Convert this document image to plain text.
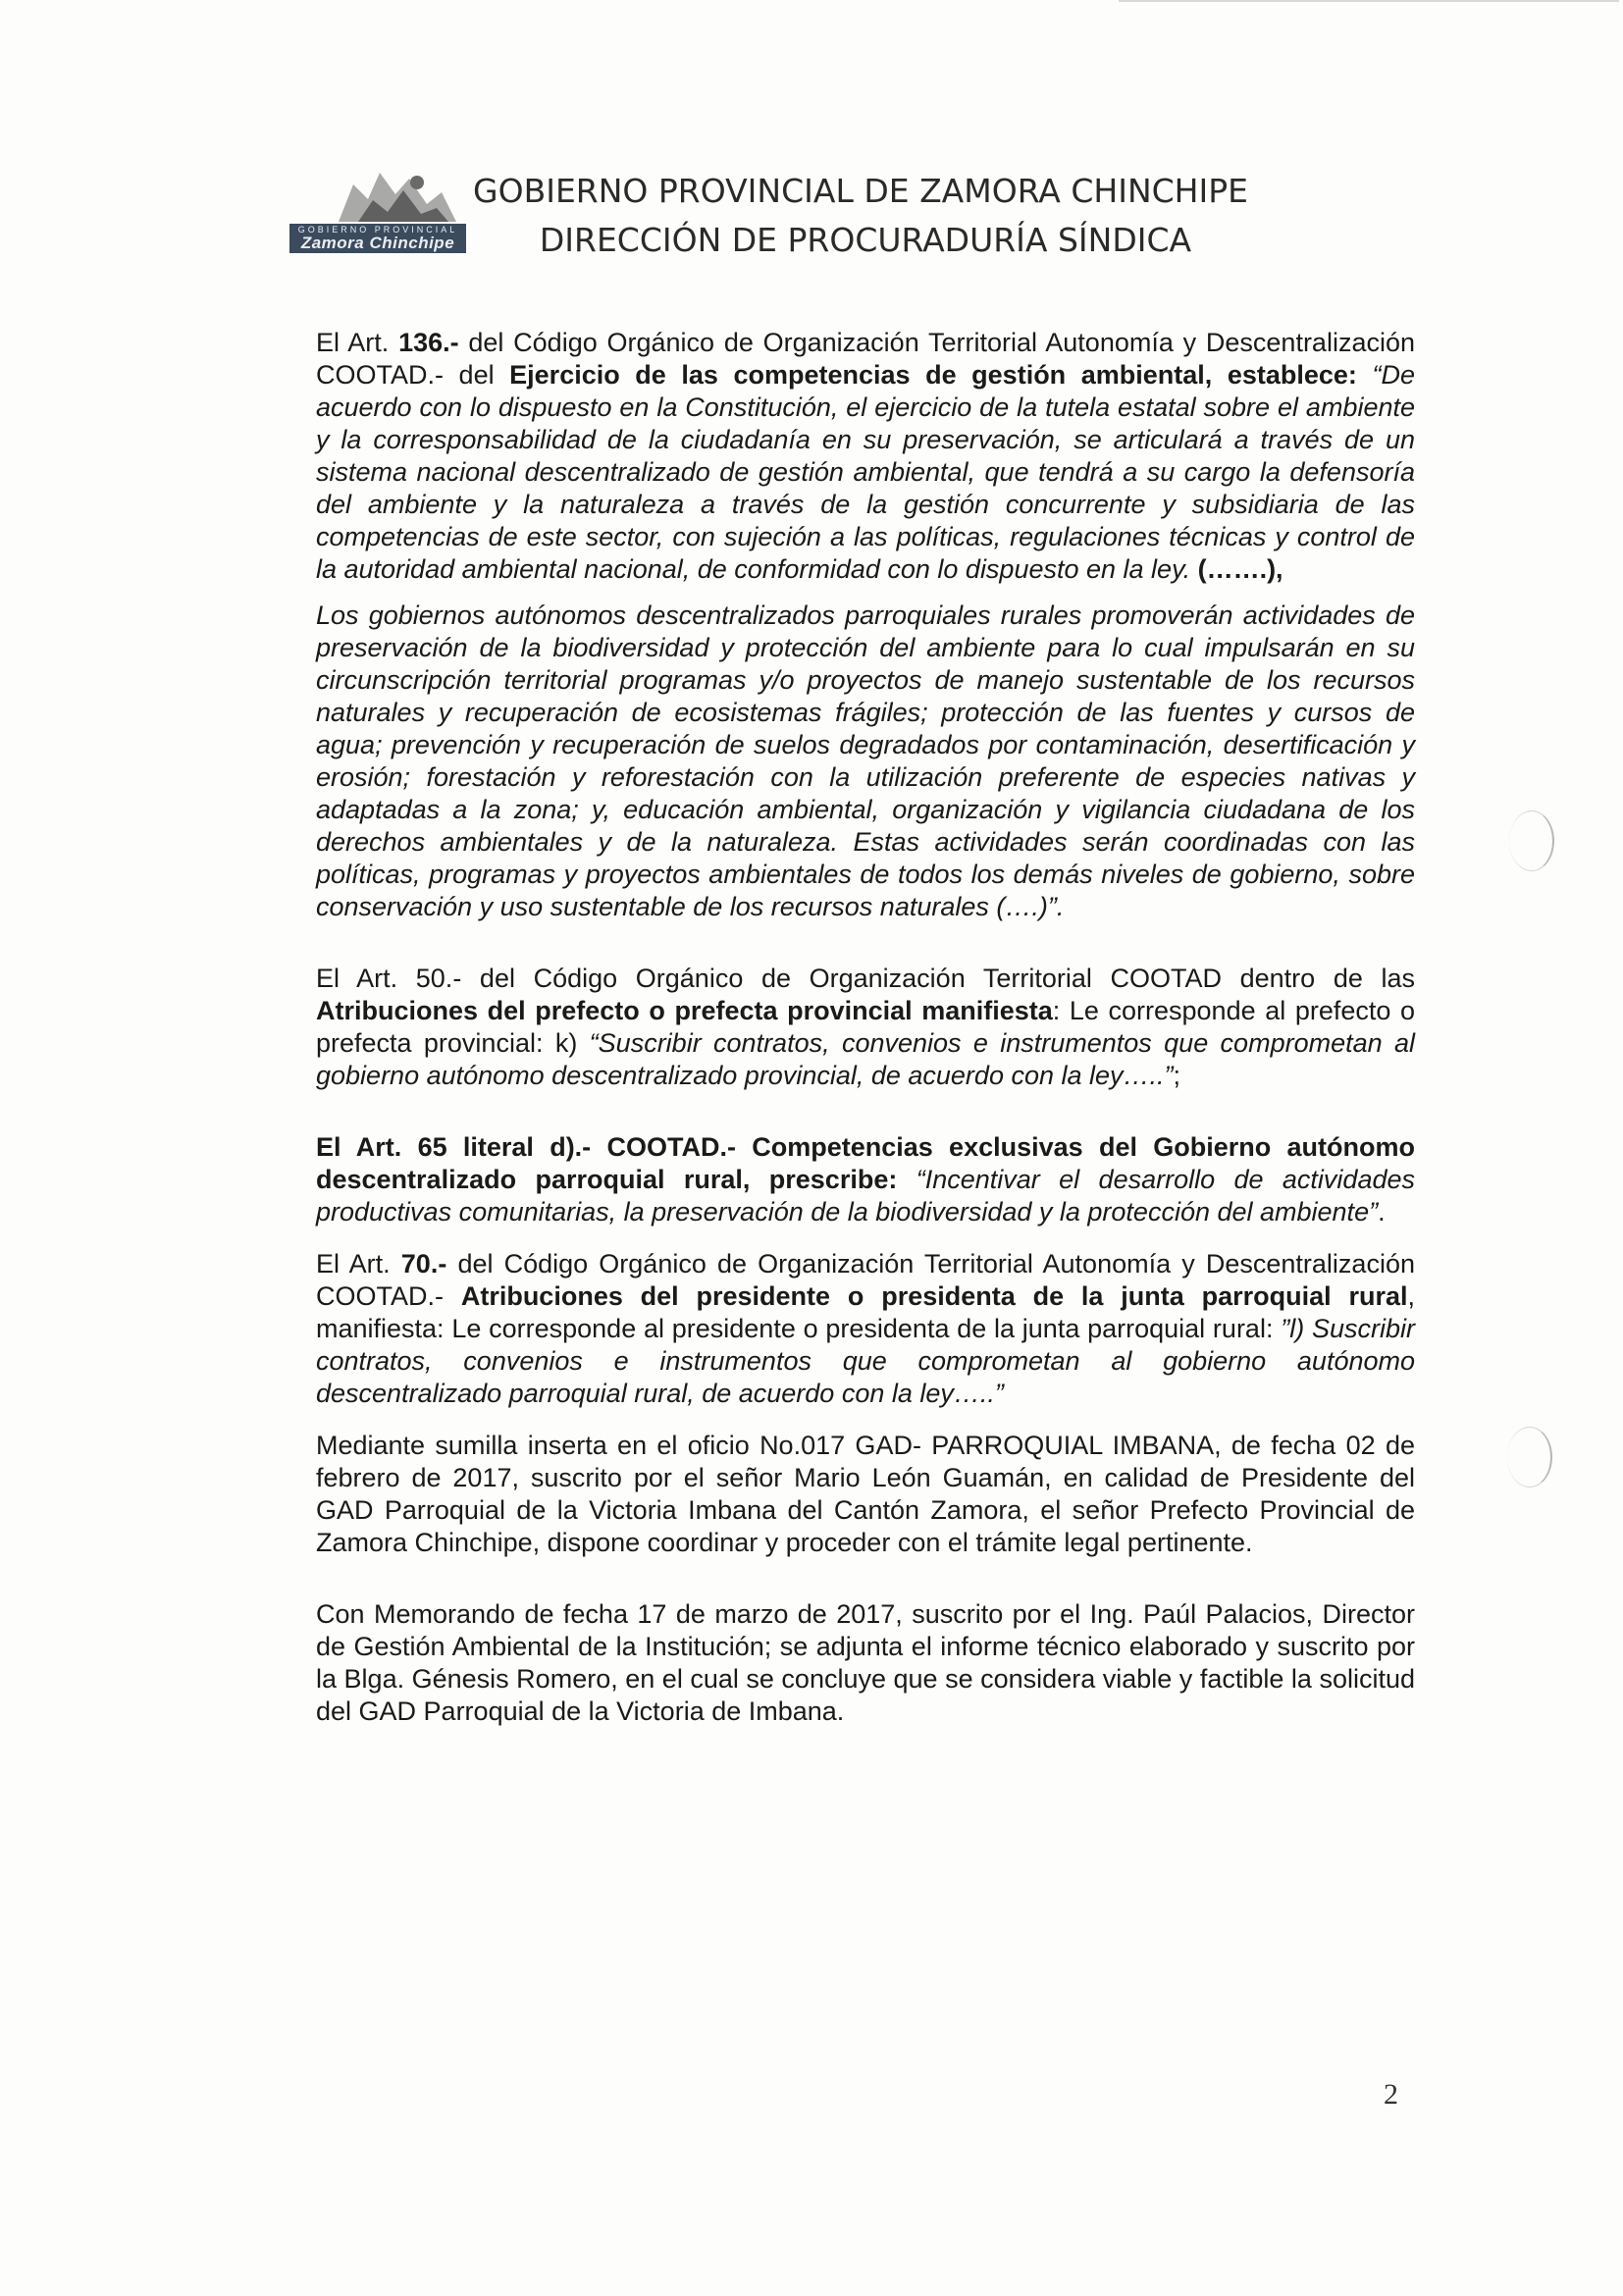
GOBIERNO PROVINCIAL
Zamora Chinchipe
GOBIERNO PROVINCIAL DE ZAMORA CHINCHIPE
DIRECCIÓN DE PROCURADURÍA SÍNDICA

El Art. 136.- del Código Orgánico de Organización Territorial Autonomía y Descentralización COOTAD.- del Ejercicio de las competencias de gestión ambiental, establece: “De acuerdo con lo dispuesto en la Constitución, el ejercicio de la tutela estatal sobre el ambiente y la corresponsabilidad de la ciudadanía en su preservación, se articulará a través de un sistema nacional descentralizado de gestión ambiental, que tendrá a su cargo la defensoría del ambiente y la naturaleza a través de la gestión concurrente y subsidiaria de las competencias de este sector, con sujeción a las políticas, regulaciones técnicas y control de la autoridad ambiental nacional, de conformidad con lo dispuesto en la ley. (…….),

Los gobiernos autónomos descentralizados parroquiales rurales promoverán actividades de preservación de la biodiversidad y protección del ambiente para lo cual impulsarán en su circunscripción territorial programas y/o proyectos de manejo sustentable de los recursos naturales y recuperación de ecosistemas frágiles; protección de las fuentes y cursos de agua; prevención y recuperación de suelos degradados por contaminación, desertificación y erosión; forestación y reforestación con la utilización preferente de especies nativas y adaptadas a la zona; y, educación ambiental, organización y vigilancia ciudadana de los derechos ambientales y de la naturaleza. Estas actividades serán coordinadas con las políticas, programas y proyectos ambientales de todos los demás niveles de gobierno, sobre conservación y uso sustentable de los recursos naturales (….)”.

El Art. 50.- del Código Orgánico de Organización Territorial COOTAD dentro de las Atribuciones del prefecto o prefecta provincial manifiesta: Le corresponde al prefecto o prefecta provincial: k) “Suscribir contratos, convenios e instrumentos que comprometan al gobierno autónomo descentralizado provincial, de acuerdo con la ley…..”;

El Art. 65 literal d).- COOTAD.- Competencias exclusivas del Gobierno autónomo descentralizado parroquial rural, prescribe: “Incentivar el desarrollo de actividades productivas comunitarias, la preservación de la biodiversidad y la protección del ambiente”.

El Art. 70.- del Código Orgánico de Organización Territorial Autonomía y Descentralización COOTAD.- Atribuciones del presidente o presidenta de la junta parroquial rural, manifiesta: Le corresponde al presidente o presidenta de la junta parroquial rural: ”l) Suscribir contratos, convenios e instrumentos que comprometan al gobierno autónomo descentralizado parroquial rural, de acuerdo con la ley…..”

Mediante sumilla inserta en el oficio No.017 GAD- PARROQUIAL IMBANA, de fecha 02 de febrero de 2017, suscrito por el señor Mario León Guamán, en calidad de Presidente del GAD Parroquial de la Victoria Imbana del Cantón Zamora, el señor Prefecto Provincial de Zamora Chinchipe, dispone coordinar y proceder con el trámite legal pertinente.

Con Memorando de fecha 17 de marzo de 2017, suscrito por el Ing. Paúl Palacios, Director de Gestión Ambiental de la Institución; se adjunta el informe técnico elaborado y suscrito por la Blga. Génesis Romero, en el cual se concluye que se considera viable y factible la solicitud del GAD Parroquial de la Victoria de Imbana.

2
